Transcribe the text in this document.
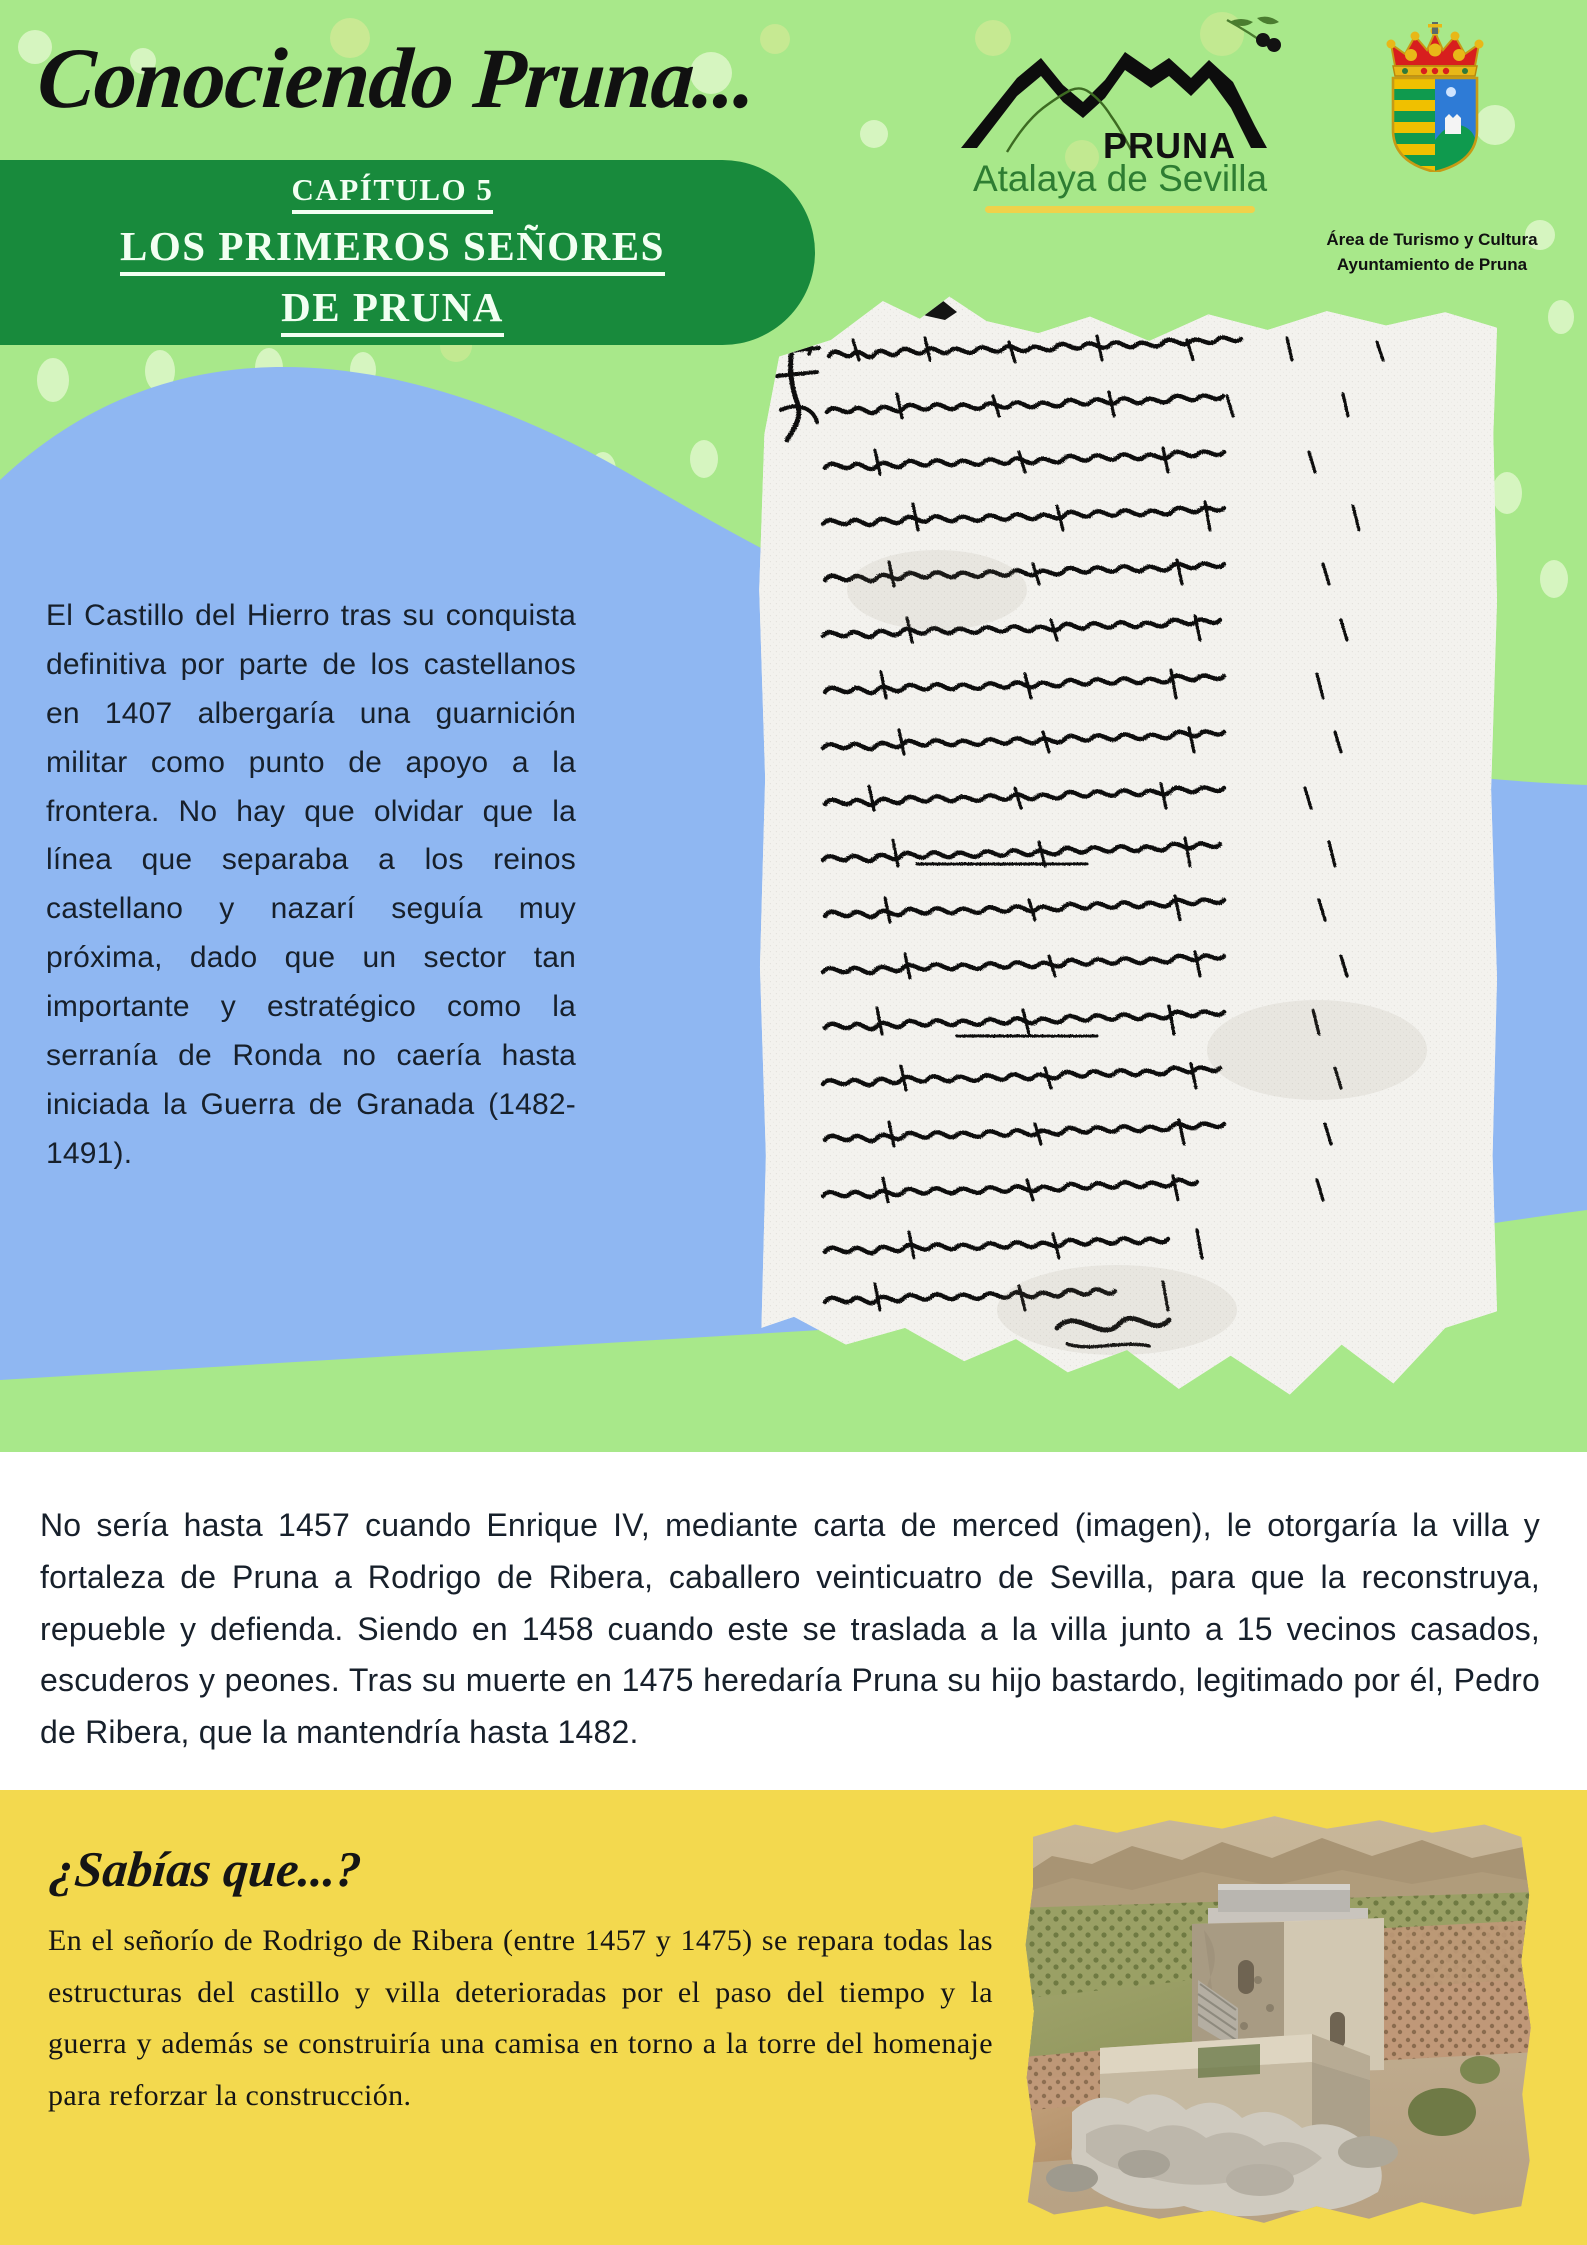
Conociendo Pruna...
CAPÍTULO 5
LOS PRIMEROS SEÑORES
DE PRUNA
PRUNA
Atalaya de Sevilla
Área de Turismo y Cultura
Ayuntamiento de Pruna
El Castillo del Hierro tras su conquista definitiva por parte de los castellanos en 1407 albergaría una guarnición militar como punto de apoyo a la frontera. No hay que olvidar que la línea que separaba a los reinos castellano y nazarí seguía muy próxima, dado que un sector tan importante y estratégico como la serranía de Ronda no caería hasta iniciada la Guerra de Granada (1482-1491).
No sería hasta 1457 cuando Enrique IV, mediante carta de merced (imagen), le otorgaría la villa y fortaleza de Pruna a Rodrigo de Ribera, caballero veinticuatro de Sevilla, para que la reconstruya, repueble y defienda. Siendo en 1458 cuando este se traslada a la villa junto a 15 vecinos casados, escuderos y peones. Tras su muerte en 1475 heredaría Pruna su hijo bastardo, legitimado por él, Pedro de Ribera, que la mantendría hasta 1482.
¿Sabías que...?
En el señorío de Rodrigo de Ribera (entre 1457 y 1475) se repara todas las estructuras del castillo y villa deterioradas por el paso del tiempo y la guerra y además se construiría una camisa en torno a la torre del homenaje para reforzar la construcción.
